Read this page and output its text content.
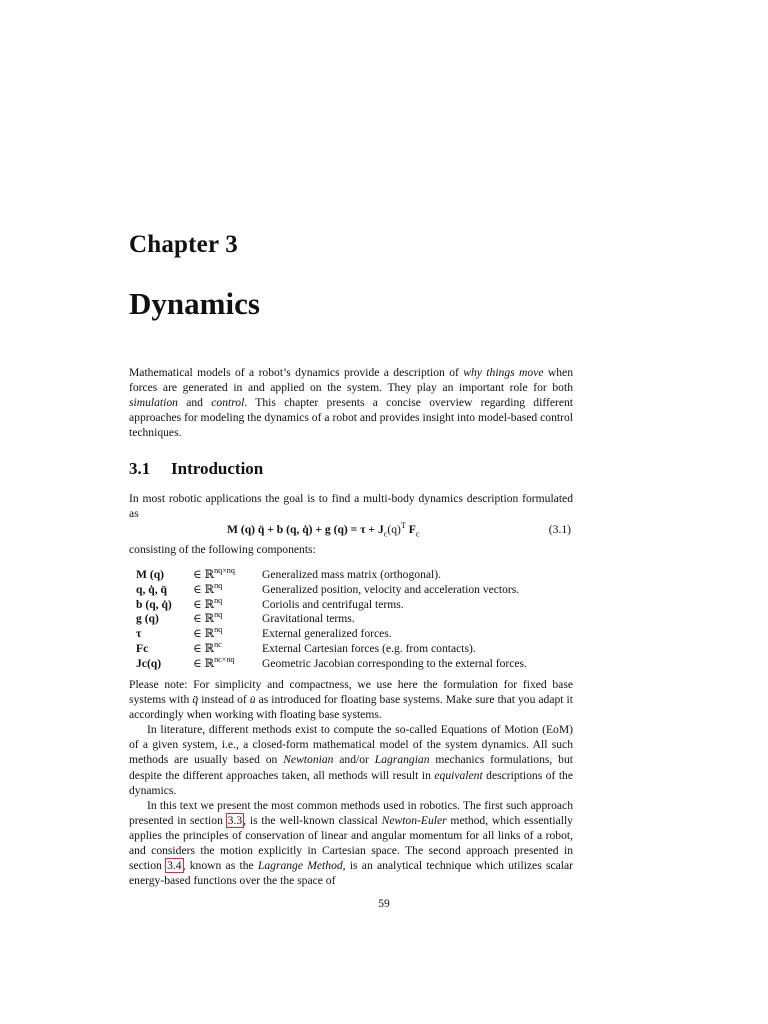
Chapter 3
Dynamics

Mathematical models of a robot’s dynamics provide a description of why things move when forces are generated in and applied on the system. They play an important role for both simulation and control. This chapter presents a concise overview regarding different approaches for modeling the dynamics of a robot and provides insight into model-based control techniques.

3.1 Introduction

In most robotic applications the goal is to find a multi-body dynamics description formulated as

M (q) q̈ + b (q, q̇) + g $(q) = \tau + J_c(q)^T$ $F_c$	(3.1)

consisting of the following components:

M (q) ∈ ℝ$^{nq\times nq}$ Generalized mass matrix (orthogonal).
q, q̇, q̈ ∈ ℝ$^{nq}$	Generalized position, velocity and acceleration vectors.
b (q, q̇) ∈ ℝ$^{nq}$	Coriolis and centrifugal terms.
g (q)	∈ ℝ$^{nq}$	Gravitational terms.
τ	∈ ℝ$^{nq}$	External generalized forces.
Fc	∈ ℝ$^{nc}$	External Cartesian forces (e.g. from contacts).
Jc(q)	∈ ℝ$^{nc\times nq}$ Geometric Jacobian corresponding to the external forces.
Please note: For simplicity and compactness, we use here the formulation for fixed base systems with q̈ instead of u̇ as introduced for floating base systems. Make sure that you adapt it accordingly when working with floating base systems.
In literature, different methods exist to compute the so-called Equations of Motion (EoM) of a given system, i.e., a closed-form mathematical model of the system dynamics. All such methods are usually based on Newtonian and/or Lagrangian mechanics formulations, but despite the different approaches taken, all methods will result in equivalent descriptions of the dynamics.
In this text we present the most common methods used in robotics. The first such approach presented in section 3.3, is the well-known classical Newton-Euler method, which essentially applies the principles of conservation of linear and angular momentum for all links of a robot, and considers the motion explicitly in Cartesian space. The second approach presented in section 3.4, known as the Lagrange Method, is an analytical technique which utilizes scalar energy-based functions over the the space of
59
